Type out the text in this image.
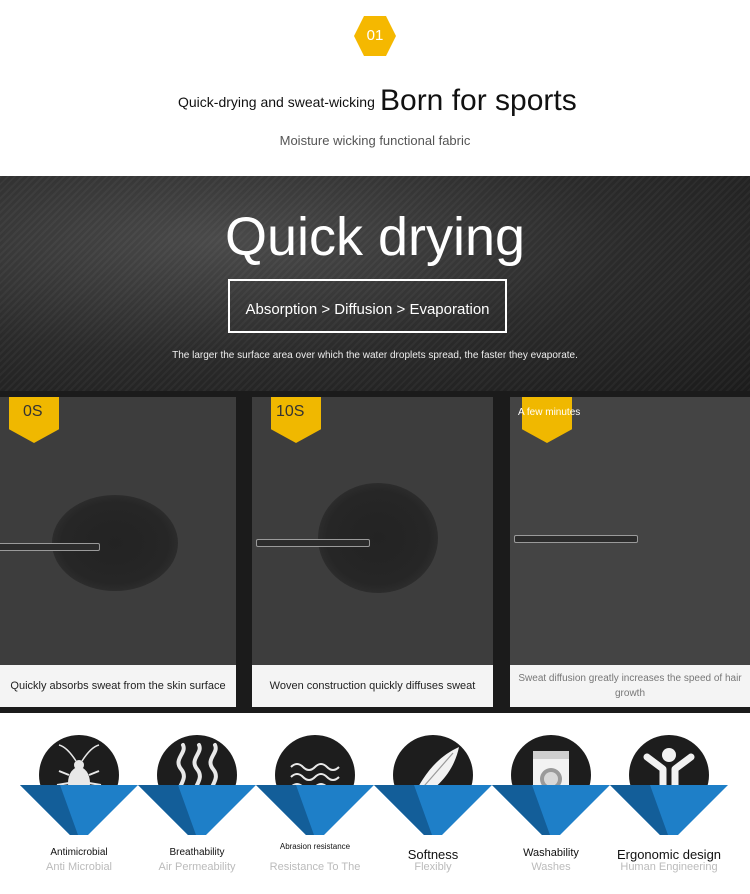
01
Quick-drying and sweat-wicking Born for sports
Moisture wicking functional fabric
Quick drying
Absorption > Diffusion > Evaporation
The larger the surface area over which the water droplets spread, the faster they evaporate.
0S
Quickly absorbs sweat from the skin surface
10S
Woven construction quickly diffuses sweat
A few minutes
Sweat diffusion greatly increases the speed of hair growth
Antimicrobial
Anti Microbial
Breathability
Air Permeability
Abrasion resistance
Resistance To The
Softness
Flexibly
Washability
Washes
Ergonomic design
Human Engineering
